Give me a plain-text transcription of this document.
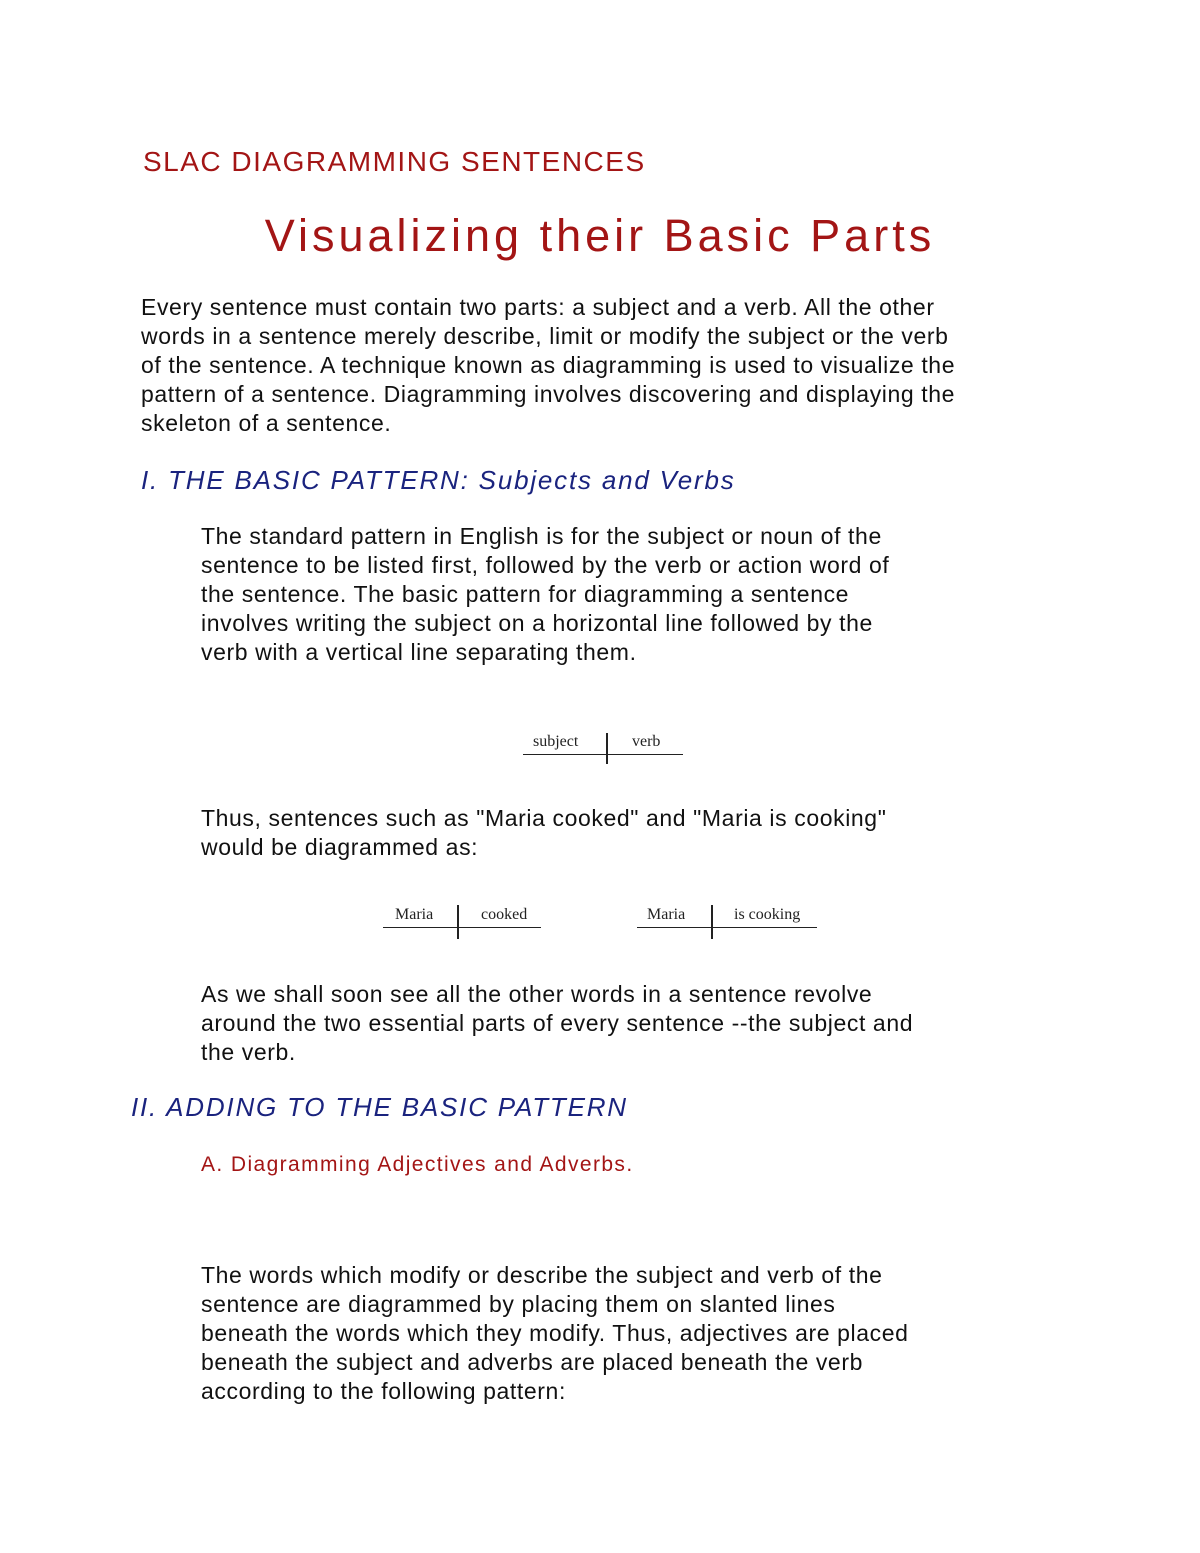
SLAC DIAGRAMMING SENTENCES
Visualizing their Basic Parts

Every sentence must contain two parts: a subject and a verb. All the other

words in a sentence merely describe, limit or modify the subject or the verb

of the sentence. A technique known as diagramming is used to visualize the

pattern of a sentence. Diagramming involves discovering and displaying the

skeleton of a sentence.

I. THE BASIC PATTERN: Subjects and Verbs

The standard pattern in English is for the subject or noun of the

sentence to be listed first, followed by the verb or action word of

the sentence. The basic pattern for diagramming a sentence

involves writing the subject on a horizontal line followed by the

verb with a vertical line separating them.

subject	verb

Thus, sentences such as "Maria cooked" and "Maria is cooking"

would be diagrammed as:

Maria	cooked	Maria	is cooking

As we shall soon see all the other words in a sentence revolve

around the two essential parts of every sentence --the subject and

the verb.

II. ADDING TO THE BASIC PATTERN
A. Diagramming Adjectives and Adverbs.

The words which modify or describe the subject and verb of the

sentence are diagrammed by placing them on slanted lines

beneath the words which they modify. Thus, adjectives are placed

beneath the subject and adverbs are placed beneath the verb

according to the following pattern:
